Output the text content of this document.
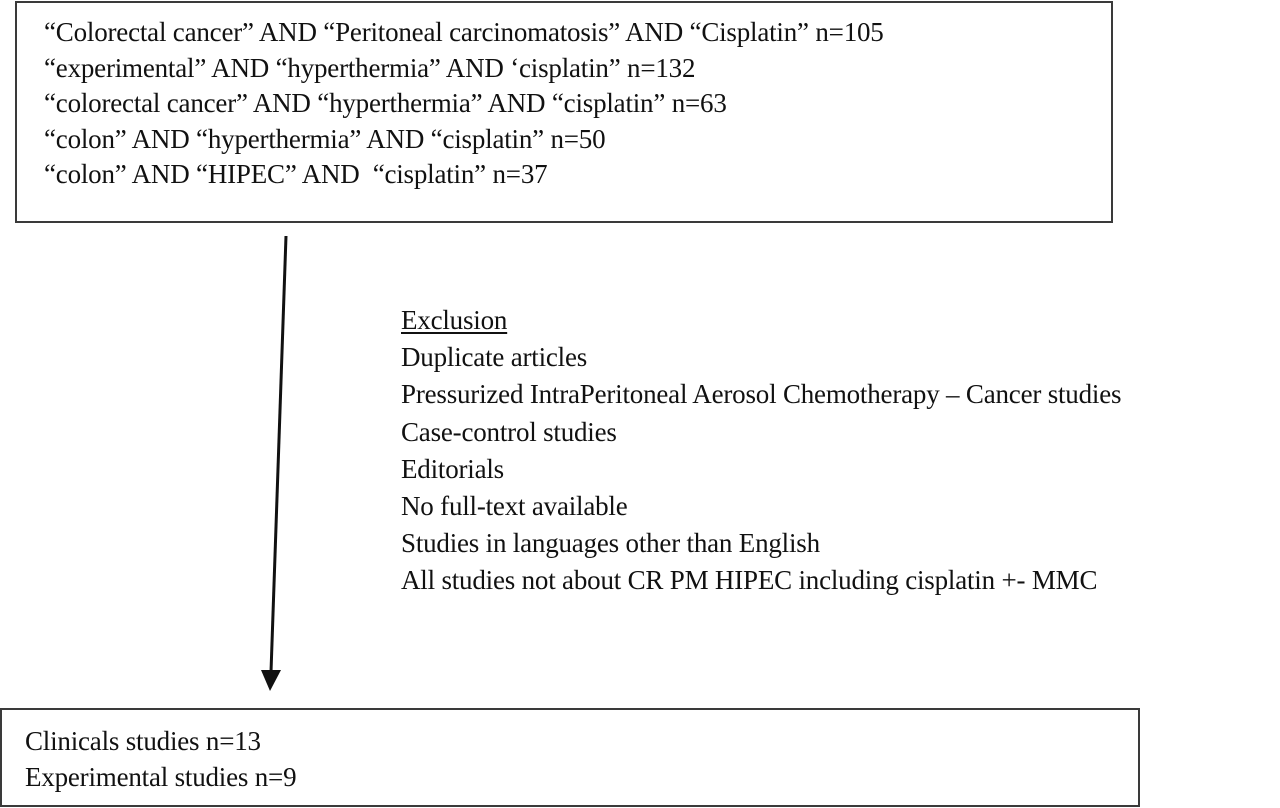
“Colorectal cancer” AND “Peritoneal carcinomatosis” AND “Cisplatin” n=105
“experimental” AND “hyperthermia” AND ‘cisplatin” n=132
“colorectal cancer” AND “hyperthermia” AND “cisplatin” n=63
“colon” AND “hyperthermia” AND “cisplatin” n=50
“colon” AND “HIPEC” AND  “cisplatin” n=37
Exclusion
Duplicate articles
Pressurized IntraPeritoneal Aerosol Chemotherapy – Cancer studies
Case-control studies
Editorials
No full-text available
Studies in languages other than English
All studies not about CR PM HIPEC including cisplatin +- MMC
Clinicals studies n=13
Experimental studies n=9
